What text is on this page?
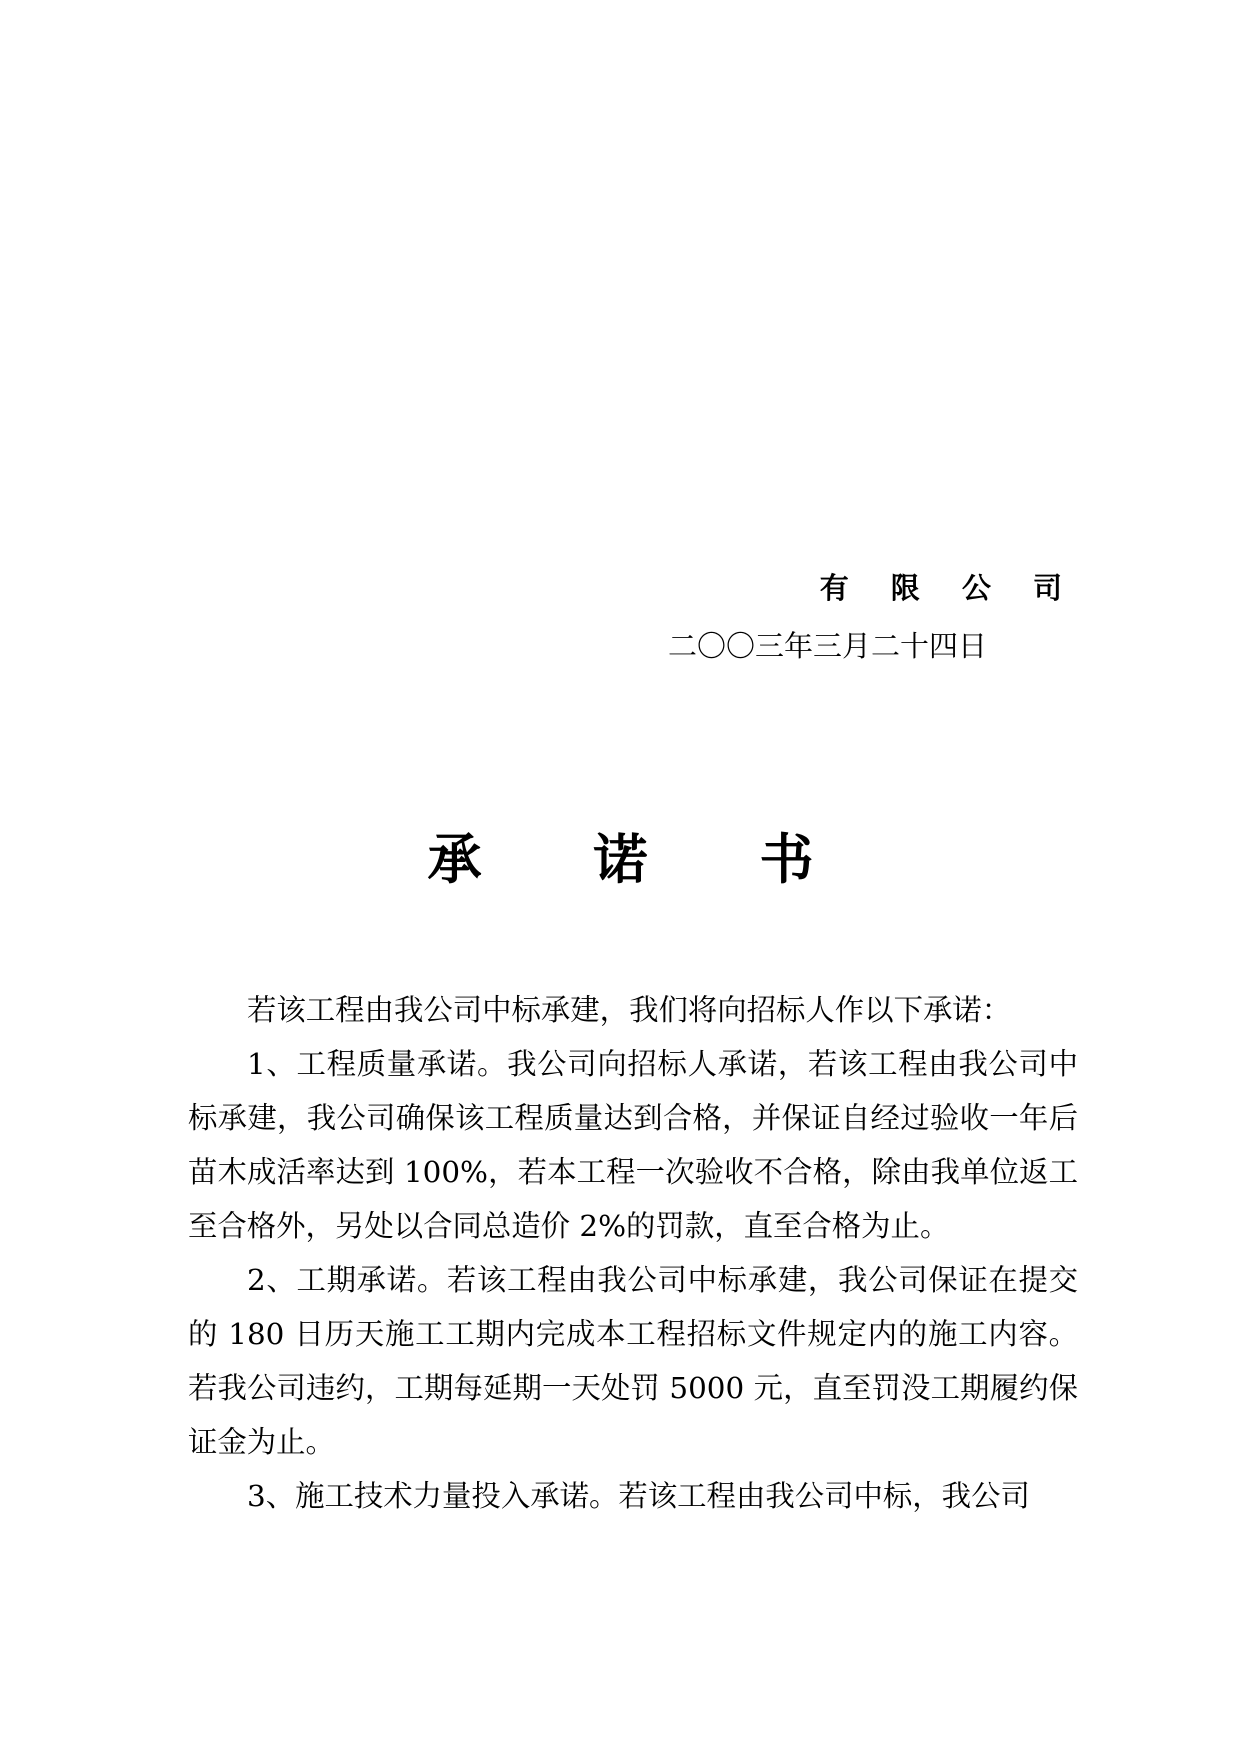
有 限 公 司
二〇〇三年三月二十四日
承 诺 书

若该工程由我公司中标承建，我们将向招标人作以下承诺：

1、工程质量承诺。我公司向招标人承诺，若该工程由我公司中标承建，我公司确保该工程质量达到合格，并保证自经过验收一年后苗木成活率达到 100%，若本工程一次验收不合格，除由我单位返工至合格外，另处以合同总造价 2%的罚款，直至合格为止。

2、工期承诺。若该工程由我公司中标承建，我公司保证在提交的 180 日历天施工工期内完成本工程招标文件规定内的施工内容。若我公司违约，工期每延期一天处罚 5000 元，直至罚没工期履约保证金为止。

3、施工技术力量投入承诺。若该工程由我公司中标，我公司
